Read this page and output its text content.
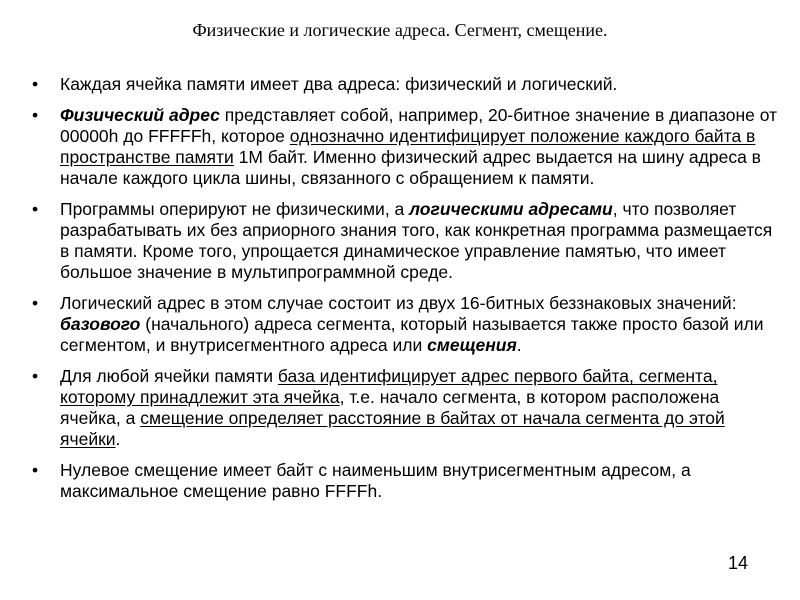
Физические и логические адреса. Сегмент, смещение.
•	Каждая ячейка памяти имеет два адреса: физический и логический.
•	Физический адрес представляет собой, например, 20-битное значение в диапазоне от 00000h до FFFFFh, которое однозначно идентифицирует положение каждого байта в пространстве памяти 1М байт. Именно физический адрес выдается на шину адреса в начале каждого цикла шины, связанного с обращением к памяти.
•	Программы оперируют не физическими, а логическими адресами, что позволяет разрабатывать их без априорного знания того, как конкретная программа размещается в памяти. Кроме того, упрощается динамическое управление памятью, что имеет большое значение в мультипрограммной среде.
•	Логический адрес в этом случае состоит из двух 16-битных беззнаковых значений: базового (начального) адреса сегмента, который называется также просто базой или сегментом, и внутрисегментного адреса или смещения.
•	Для любой ячейки памяти база идентифицирует адрес первого байта, сегмента, которому принадлежит эта ячейка, т.е. начало сегмента, в котором расположена ячейка, а смещение определяет расстояние в байтах от начала сегмента до этой ячейки.
•	Нулевое смещение имеет байт с наименьшим внутрисегментным адресом, а максимальное смещение равно FFFFh.
14
